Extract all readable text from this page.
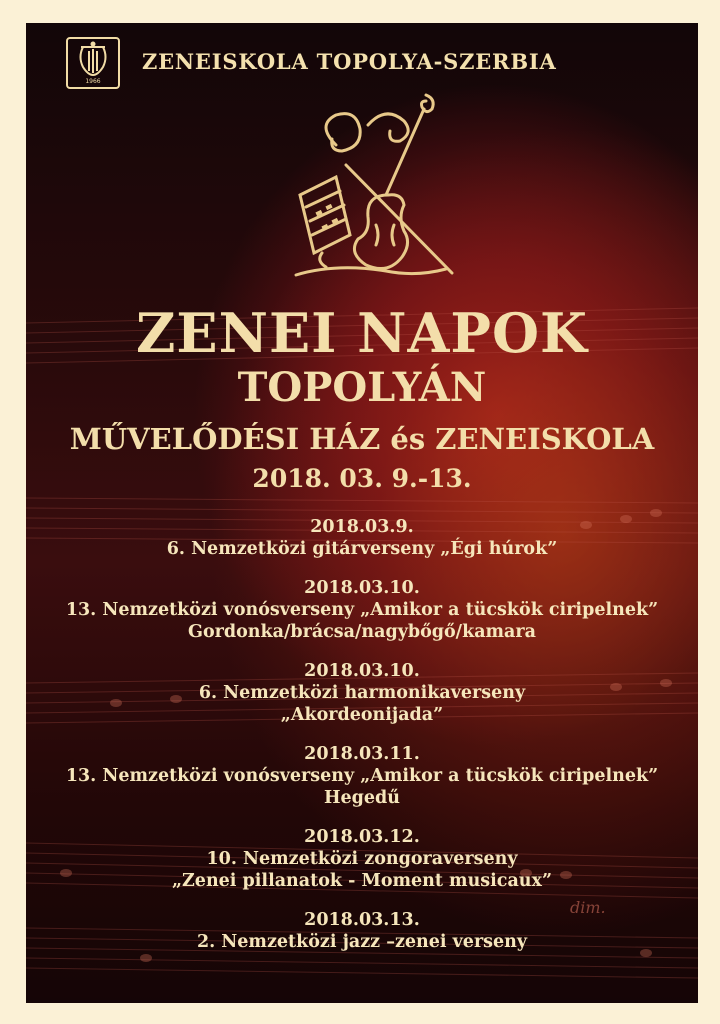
dim.
1966
ZENEISKOLA TOPOLYA-SZERBIA
ZENEI NAPOK
TOPOLYÁN
MŰVELŐDÉSI HÁZ és ZENEISKOLA
2018. 03. 9.-13.
2018.03.9.
6. Nemzetközi gitárverseny „Égi húrok”
2018.03.10.
13. Nemzetközi vonósverseny „Amikor a tücskök ciripelnek”
Gordonka/brácsa/nagybőgő/kamara
2018.03.10.
6. Nemzetközi harmonikaverseny
„Akordeonijada”
2018.03.11.
13. Nemzetközi vonósverseny „Amikor a tücskök ciripelnek”
Hegedű
2018.03.12.
10. Nemzetközi zongoraverseny
„Zenei pillanatok - Moment musicaux”
2018.03.13.
2. Nemzetközi jazz –zenei verseny
